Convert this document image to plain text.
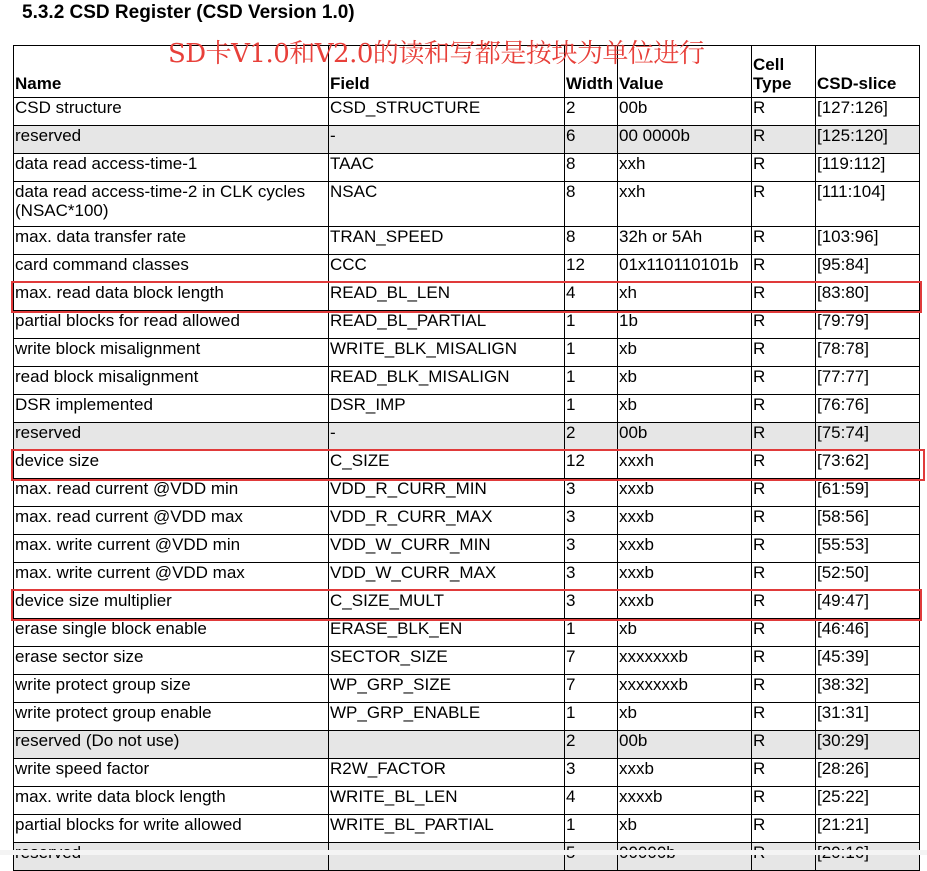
5.3.2 CSD Register (CSD Version 1.0)
SD卡V1.0和V2.0的读和写都是按块为单位进行
Name	Field	Width	Value	Cell Type	CSD-slice
CSD structure	CSD_STRUCTURE	2	00b	R	[127:126]
reserved	-	6	00 0000b	R	[125:120]
data read access-time-1	TAAC	8	xxh	R	[119:112]
data read access-time-2 in CLK cycles (NSAC*100)	NSAC	8	xxh	R	[111:104]
max. data transfer rate	TRAN_SPEED	8	32h or 5Ah	R	[103:96]
card command classes	CCC	12	01x110110101b	R	[95:84]
max. read data block length	READ_BL_LEN	4	xh	R	[83:80]
partial blocks for read allowed	READ_BL_PARTIAL	1	1b	R	[79:79]
write block misalignment	WRITE_BLK_MISALIGN	1	xb	R	[78:78]
read block misalignment	READ_BLK_MISALIGN	1	xb	R	[77:77]
DSR implemented	DSR_IMP	1	xb	R	[76:76]
reserved	-	2	00b	R	[75:74]
device size	C_SIZE	12	xxxh	R	[73:62]
max. read current @VDD min	VDD_R_CURR_MIN	3	xxxb	R	[61:59]
max. read current @VDD max	VDD_R_CURR_MAX	3	xxxb	R	[58:56]
max. write current @VDD min	VDD_W_CURR_MIN	3	xxxb	R	[55:53]
max. write current @VDD max	VDD_W_CURR_MAX	3	xxxb	R	[52:50]
device size multiplier	C_SIZE_MULT	3	xxxb	R	[49:47]
erase single block enable	ERASE_BLK_EN	1	xb	R	[46:46]
erase sector size	SECTOR_SIZE	7	xxxxxxxb	R	[45:39]
write protect group size	WP_GRP_SIZE	7	xxxxxxxb	R	[38:32]
write protect group enable	WP_GRP_ENABLE	1	xb	R	[31:31]
reserved (Do not use)		2	00b	R	[30:29]
write speed factor	R2W_FACTOR	3	xxxb	R	[28:26]
max. write data block length	WRITE_BL_LEN	4	xxxxb	R	[25:22]
partial blocks for write allowed	WRITE_BL_PARTIAL	1	xb	R	[21:21]
